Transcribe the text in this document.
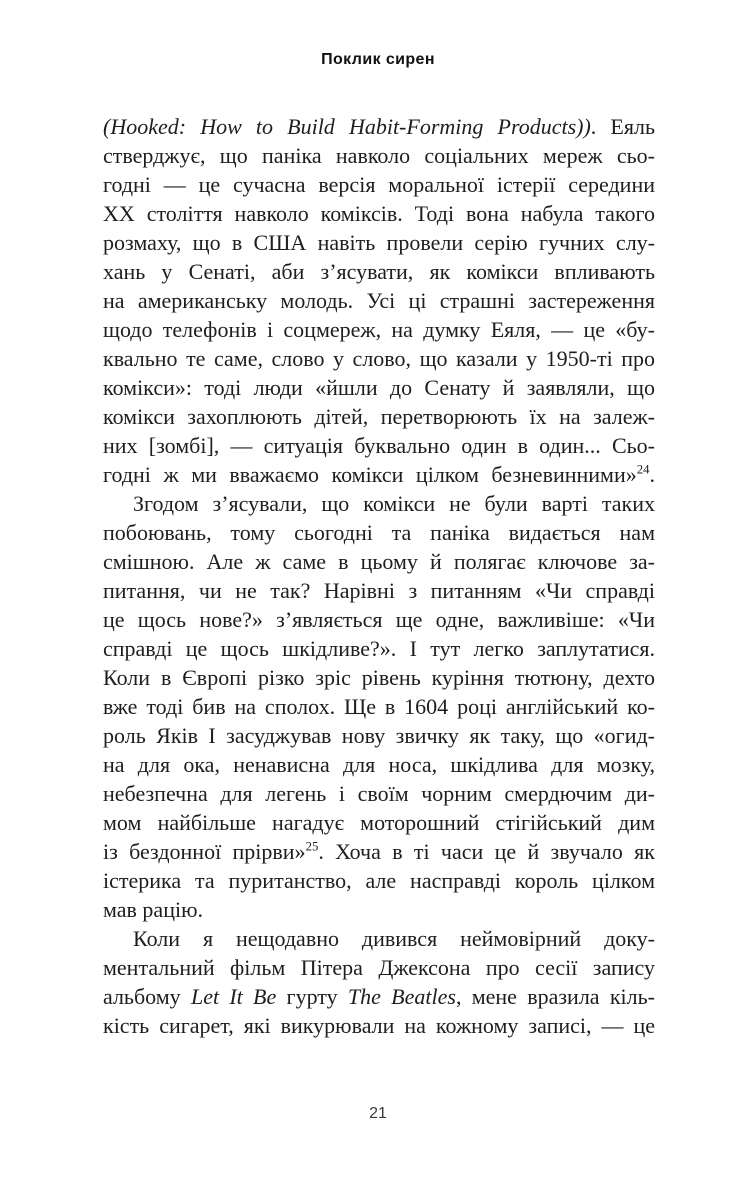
Поклик сирен
(Hooked: How to Build Habit-Forming Products)). Еяль
стверджує, що паніка навколо соціальних мереж сьо-
годні — це сучасна версія моральної істерії середини
XX століття навколо коміксів. Тоді вона набула такого
розмаху, що в США навіть провели серію гучних слу-
хань у Сенаті, аби з’ясувати, як комікси впливають
на американську молодь. Усі ці страшні застереження
щодо телефонів і соцмереж, на думку Еяля, — це «бу-
квально те саме, слово у слово, що казали у 1950-ті про
комікси»: тоді люди «йшли до Сенату й заявляли, що
комікси захоплюють дітей, перетворюють їх на залеж-
них [зомбі], — ситуація буквально один в один... Сьо-
годні ж ми вважаємо комікси цілком безневинними»$^{24}$.
Згодом з’ясували, що комікси не були варті таких
побоювань, тому сьогодні та паніка видається нам
смішною. Але ж саме в цьому й полягає ключове за-
питання, чи не так? Нарівні з питанням «Чи справді
це щось нове?» з’являється ще одне, важливіше: «Чи
справді це щось шкідливе?». І тут легко заплутатися.
Коли в Європі різко зріс рівень куріння тютюну, дехто
вже тоді бив на сполох. Ще в 1604 році англійський ко-
роль Яків I засуджував нову звичку як таку, що «огид-
на для ока, ненависна для носа, шкідлива для мозку,
небезпечна для легень і своїм чорним смердючим ди-
мом найбільше нагадує моторошний стігійський дим
із бездонної прірви»$^{25}$. Хоча в ті часи це й звучало як
істерика та пуританство, але насправді король цілком
мав рацію.
Коли я нещодавно дивився неймовірний доку-
ментальний фільм Пітера Джексона про сесії запису
альбому Let It Be гурту The Beatles, мене вразила кіль-
кість сигарет, які викурювали на кожному записі, — це
21
